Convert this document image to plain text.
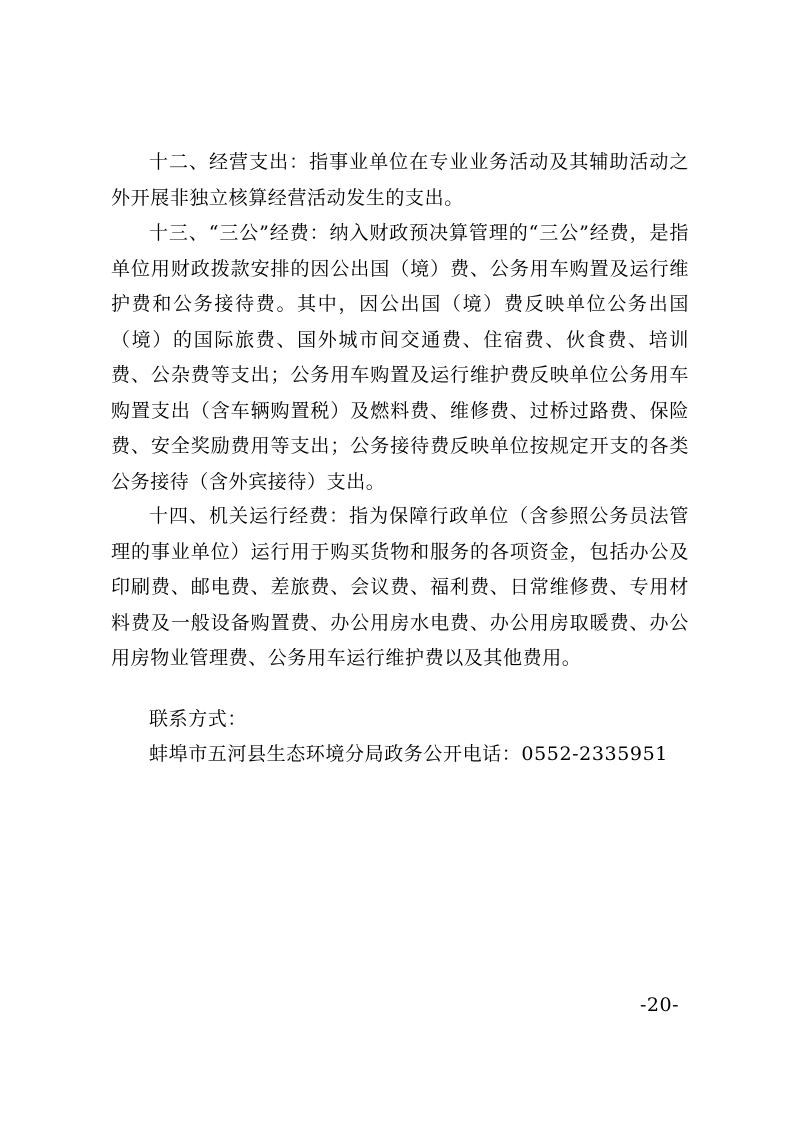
十二、经营支出：指事业单位在专业业务活动及其辅助活动之外开展非独立核算经营活动发生的支出。

十三、“三公”经费：纳入财政预决算管理的“三公”经费，是指单位用财政拨款安排的因公出国（境）费、公务用车购置及运行维护费和公务接待费。其中，因公出国（境）费反映单位公务出国（境）的国际旅费、国外城市间交通费、住宿费、伙食费、培训费、公杂费等支出；公务用车购置及运行维护费反映单位公务用车购置支出（含车辆购置税）及燃料费、维修费、过桥过路费、保险费、安全奖励费用等支出；公务接待费反映单位按规定开支的各类公务接待（含外宾接待）支出。

十四、机关运行经费：指为保障行政单位（含参照公务员法管理的事业单位）运行用于购买货物和服务的各项资金，包括办公及印刷费、邮电费、差旅费、会议费、福利费、日常维修费、专用材料费及一般设备购置费、办公用房水电费、办公用房取暖费、办公用房物业管理费、公务用车运行维护费以及其他费用。

联系方式：

蚌埠市五河县生态环境分局政务公开电话：0552-2335951

-20-
